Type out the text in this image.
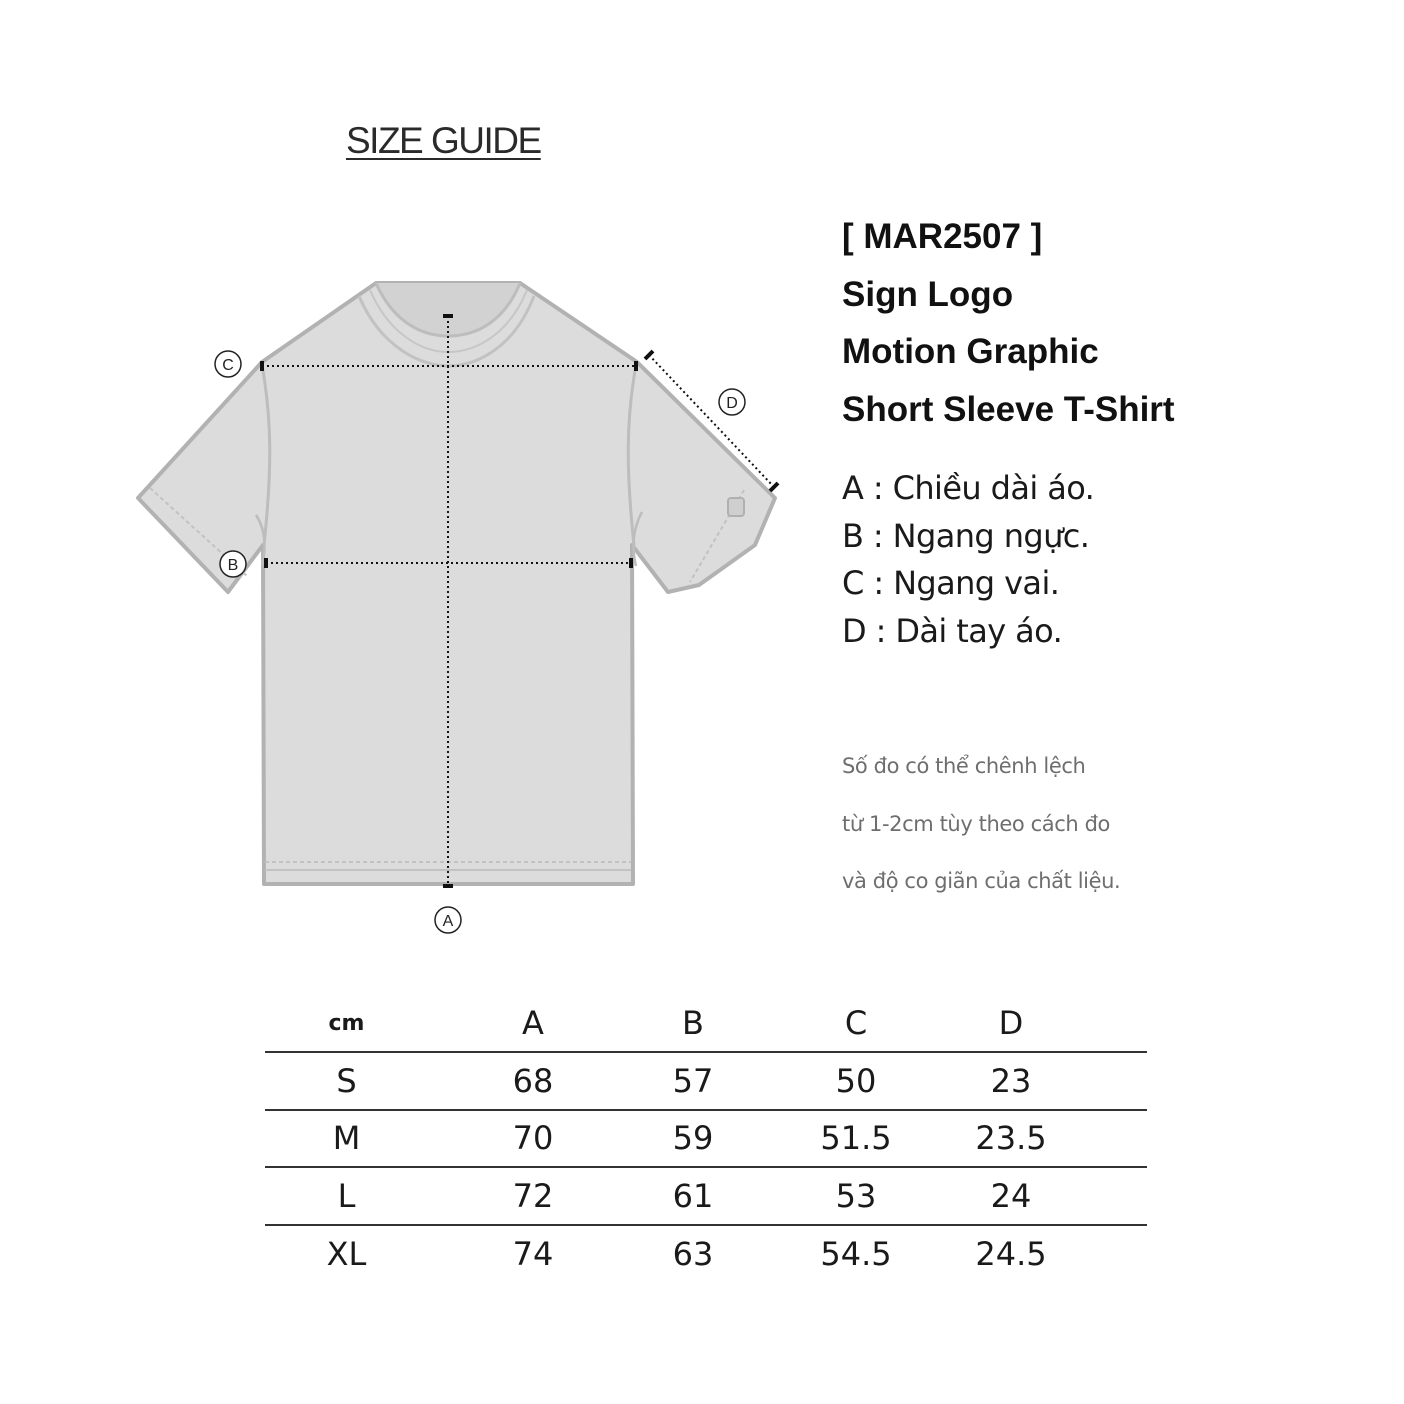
SIZE GUIDE
C
B
D
A
[ MAR2507 ]
Sign Logo
Motion Graphic
Short Sleeve T-Shirt
A : Chiều dài áo.
B : Ngang ngực.
C : Ngang vai.
D : Dài tay áo.
Số đo có thể chênh lệch
từ 1-2cm tùy theo cách đo
và độ co giãn của chất liệu.
cm	A	B	C	D	
S	68	57	50	23	
M	70	59	51.5	23.5	
L	72	61	53	24	
XL	74	63	54.5	24.5	
